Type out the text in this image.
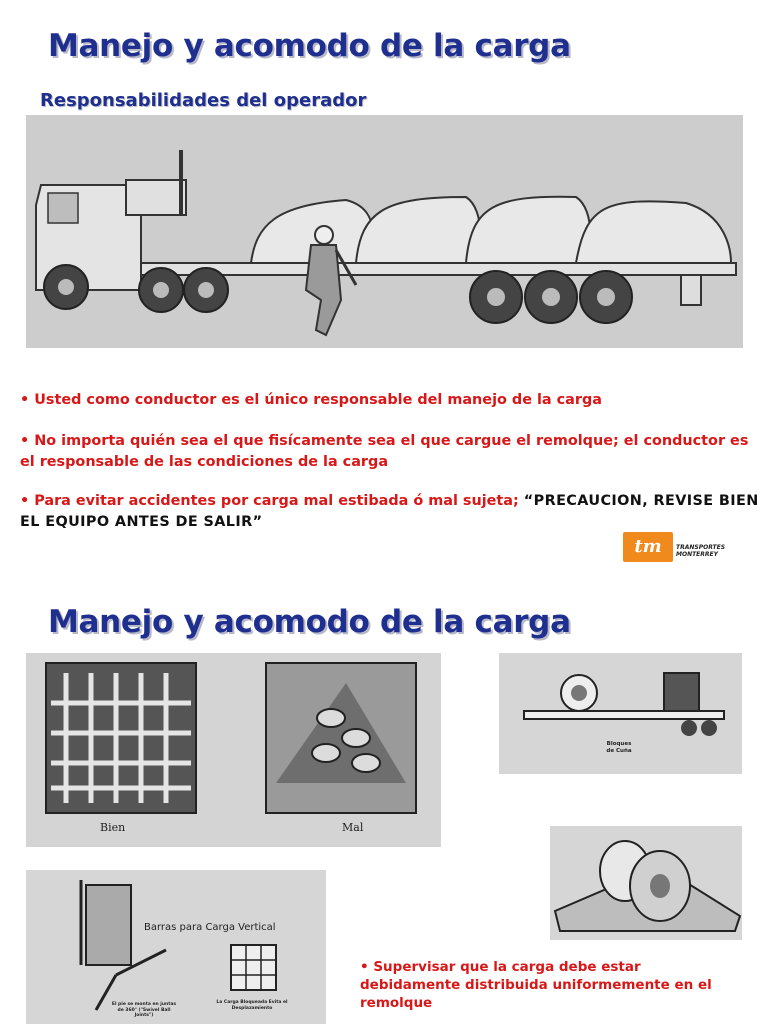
Manejo y acomodo de la carga
Responsabilidades del operador
• Usted como conductor es el único responsable del manejo de la carga
• No importa quién sea el que fisícamente sea el que cargue el remolque; el conductor es el responsable de las condiciones de la carga
• Para evitar accidentes por carga mal estibada ó mal sujeta; “PRECAUCION, REVISE BIEN EL EQUIPO ANTES DE SALIR”
tm	TRANSPORTES
MONTERREY
Manejo y acomodo de la carga
Bien	Mal
Bloques
de Cuña
Barras para Carga Vertical
El pie se monta en juntas de 360° ("Swivel Ball Joints")
La Carga Bloqueada Evita el Desplazamiento
• Supervisar que la carga debe estar debidamente distribuida uniformemente en el remolque
